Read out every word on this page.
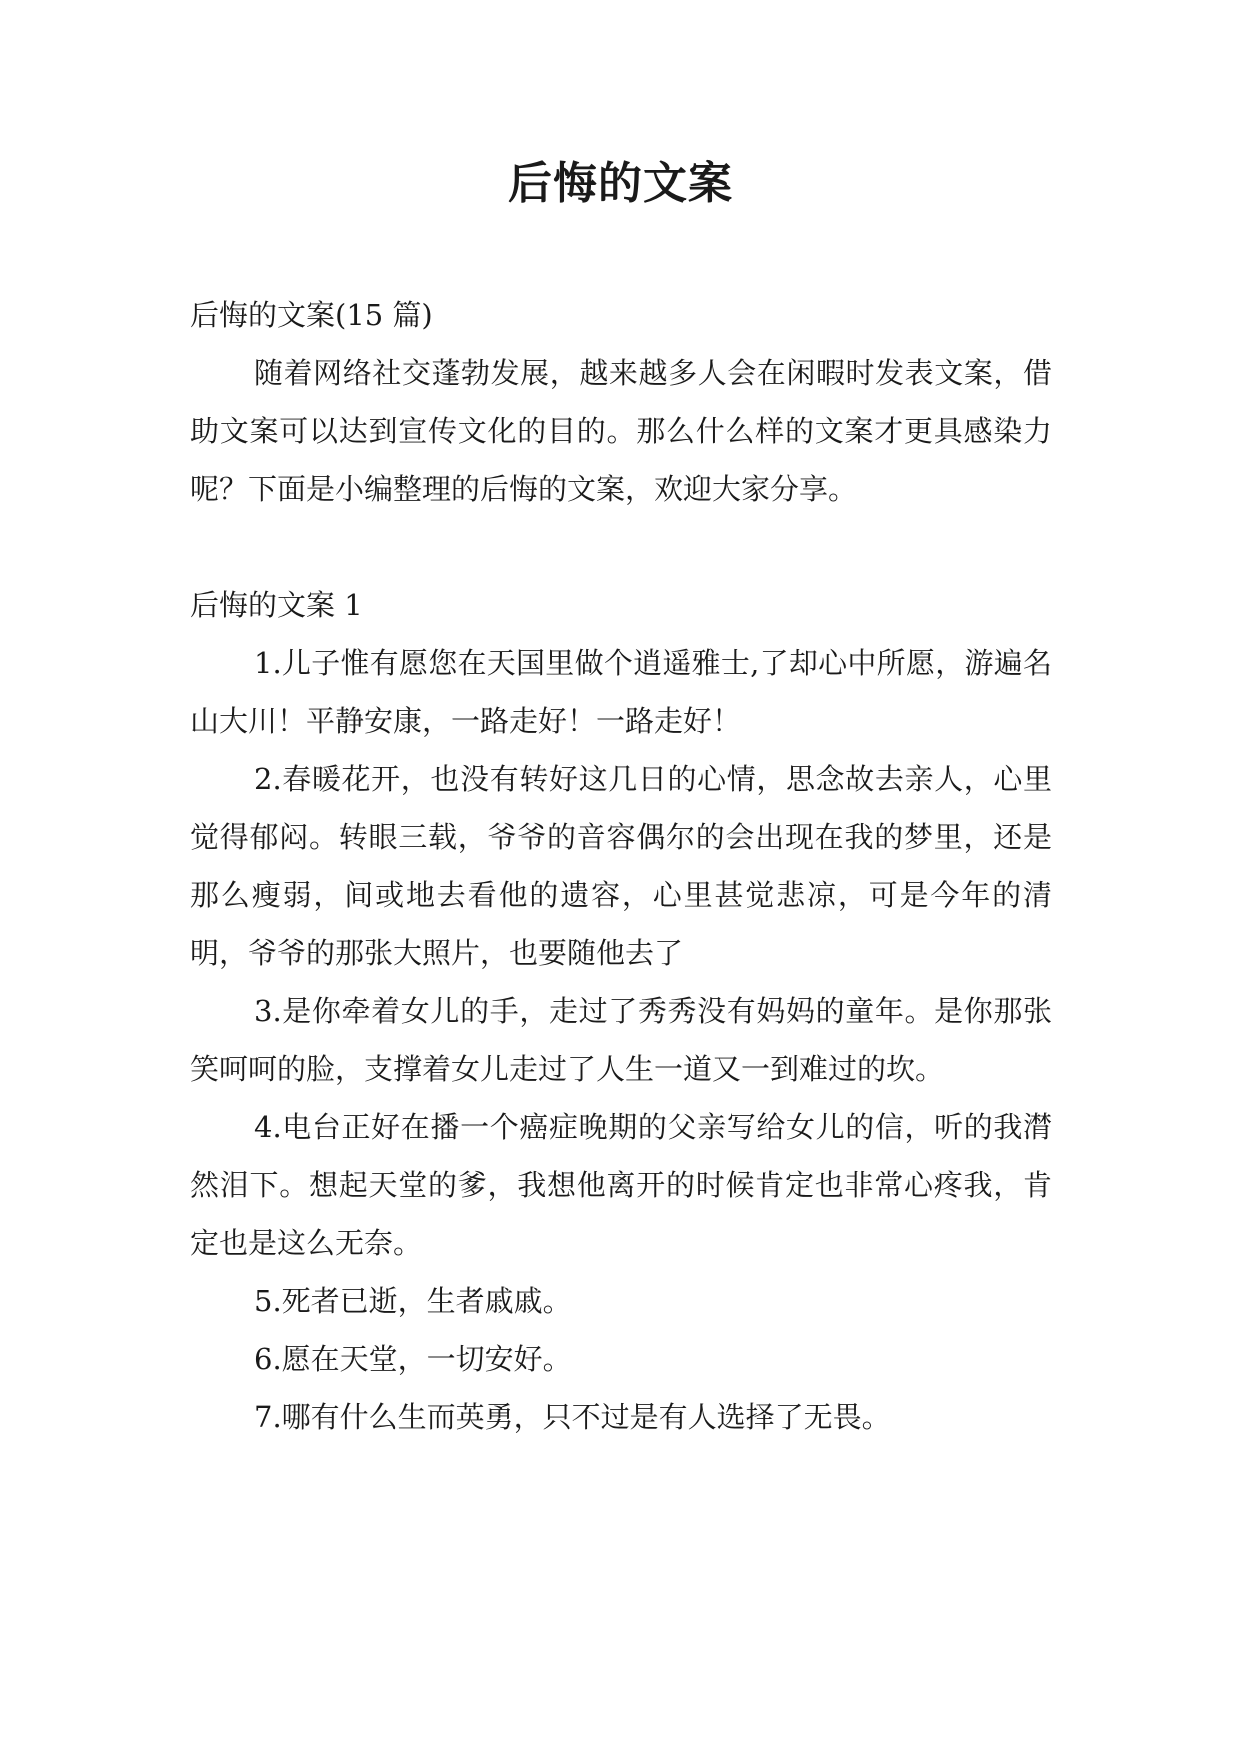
后悔的文案

后悔的文案(15 篇)

随着网络社交蓬勃发展，越来越多人会在闲暇时发表文案，借助文案可以达到宣传文化的目的。那么什么样的文案才更具感染力呢？下面是小编整理的后悔的文案，欢迎大家分享。

后悔的文案 1

1.儿子惟有愿您在天国里做个逍遥雅士,了却心中所愿，游遍名山大川！平静安康，一路走好！一路走好！

2.春暖花开，也没有转好这几日的心情，思念故去亲人，心里觉得郁闷。转眼三载，爷爷的音容偶尔的会出现在我的梦里，还是那么瘦弱，间或地去看他的遗容，心里甚觉悲凉，可是今年的清明，爷爷的那张大照片，也要随他去了

3.是你牵着女儿的手，走过了秀秀没有妈妈的童年。是你那张笑呵呵的脸，支撑着女儿走过了人生一道又一到难过的坎。

4.电台正好在播一个癌症晚期的父亲写给女儿的信，听的我潸然泪下。想起天堂的爹，我想他离开的时候肯定也非常心疼我，肯定也是这么无奈。

5.死者已逝，生者戚戚。

6.愿在天堂，一切安好。

7.哪有什么生而英勇，只不过是有人选择了无畏。
